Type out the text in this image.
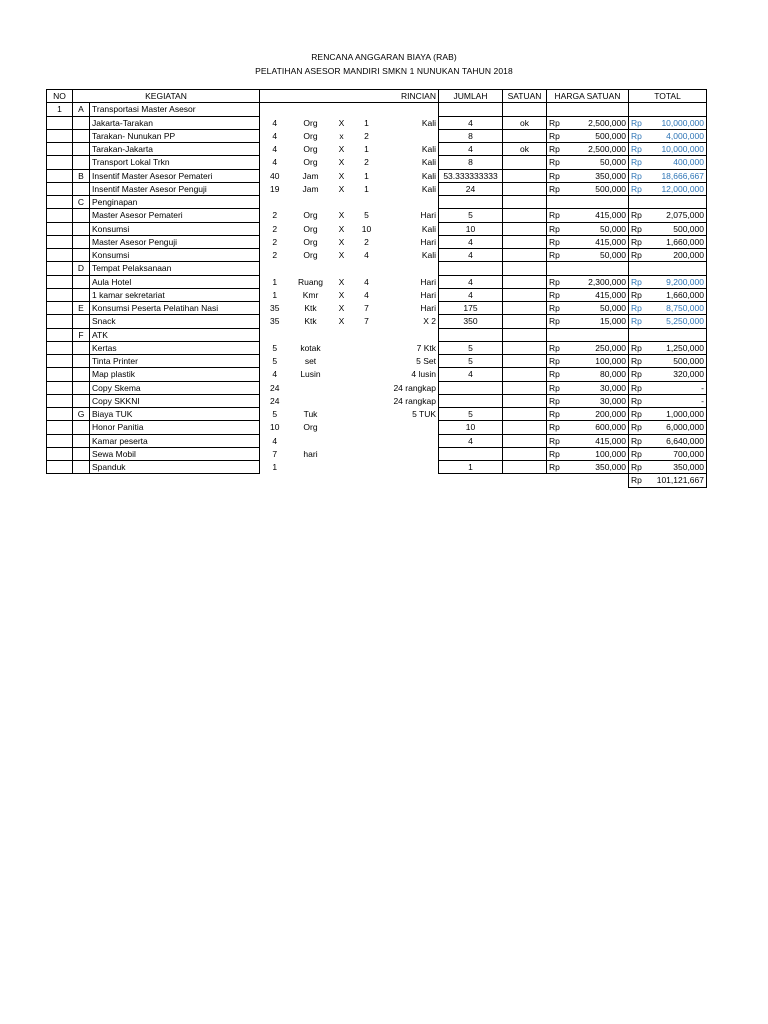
RENCANA ANGGARAN BIAYA (RAB)
PELATIHAN ASESOR MANDIRI SMKN 1 NUNUKAN TAHUN 2018
NO	KEGIATAN		RINCIAN					JUMLAH	SATUAN	HARGA SATUAN		TOTAL	
1	A	Transportasi Master Asesor											
		Jakarta-Tarakan	4	Org	X	1	Kali	4	ok	Rp	2,500,000	Rp	10,000,000
		Tarakan- Nunukan PP	4	Org	x	2		8		Rp	500,000	Rp	4,000,000
		Tarakan-Jakarta	4	Org	X	1	Kali	4	ok	Rp	2,500,000	Rp	10,000,000
		Transport Lokal Trkn	4	Org	X	2	Kali	8		Rp	50,000	Rp	400,000
	B	Insentif Master Asesor Pemateri	40	Jam	X	1	Kali	53.333333333		Rp	350,000	Rp	18,666,667
		Insentif Master Asesor Penguji	19	Jam	X	1	Kali	24		Rp	500,000	Rp	12,000,000
	C	Penginapan											
		Master Asesor Pemateri	2	Org	X	5	Hari	5		Rp	415,000	Rp	2,075,000
		Konsumsi	2	Org	X	10	Kali	10		Rp	50,000	Rp	500,000
		Master Asesor Penguji	2	Org	X	2	Hari	4		Rp	415,000	Rp	1,660,000
		Konsumsi	2	Org	X	4	Kali	4		Rp	50,000	Rp	200,000
	D	Tempat Pelaksanaan											
		Aula Hotel	1	Ruang	X	4	Hari	4		Rp	2,300,000	Rp	9,200,000
		1 kamar sekretariat	1	Kmr	X	4	Hari	4		Rp	415,000	Rp	1,660,000
	E	Konsumsi Peserta Pelatihan Nasi	35	Ktk	X	7	Hari	175		Rp	50,000	Rp	8,750,000
		Snack	35	Ktk	X	7	X 2	350		Rp	15,000	Rp	5,250,000
	F	ATK											
		Kertas	5	kotak			7 Ktk	5		Rp	250,000	Rp	1,250,000
		Tinta Printer	5	set			5 Set	5		Rp	100,000	Rp	500,000
		Map plastik	4	Lusin			4 lusin	4		Rp	80,000	Rp	320,000
		Copy Skema	24				24 rangkap			Rp	30,000	Rp	-
		Copy SKKNI	24				24 rangkap			Rp	30,000	Rp	-
	G	Biaya TUK	5	Tuk			5 TUK	5		Rp	200,000	Rp	1,000,000
		Honor Panitia	10	Org				10		Rp	600,000	Rp	6,000,000
		Kamar peserta	4					4		Rp	415,000	Rp	6,640,000
		Sewa Mobil	7	hari						Rp	100,000	Rp	700,000
		Spanduk	1					1		Rp	350,000	Rp	350,000
												Rp	101,121,667
